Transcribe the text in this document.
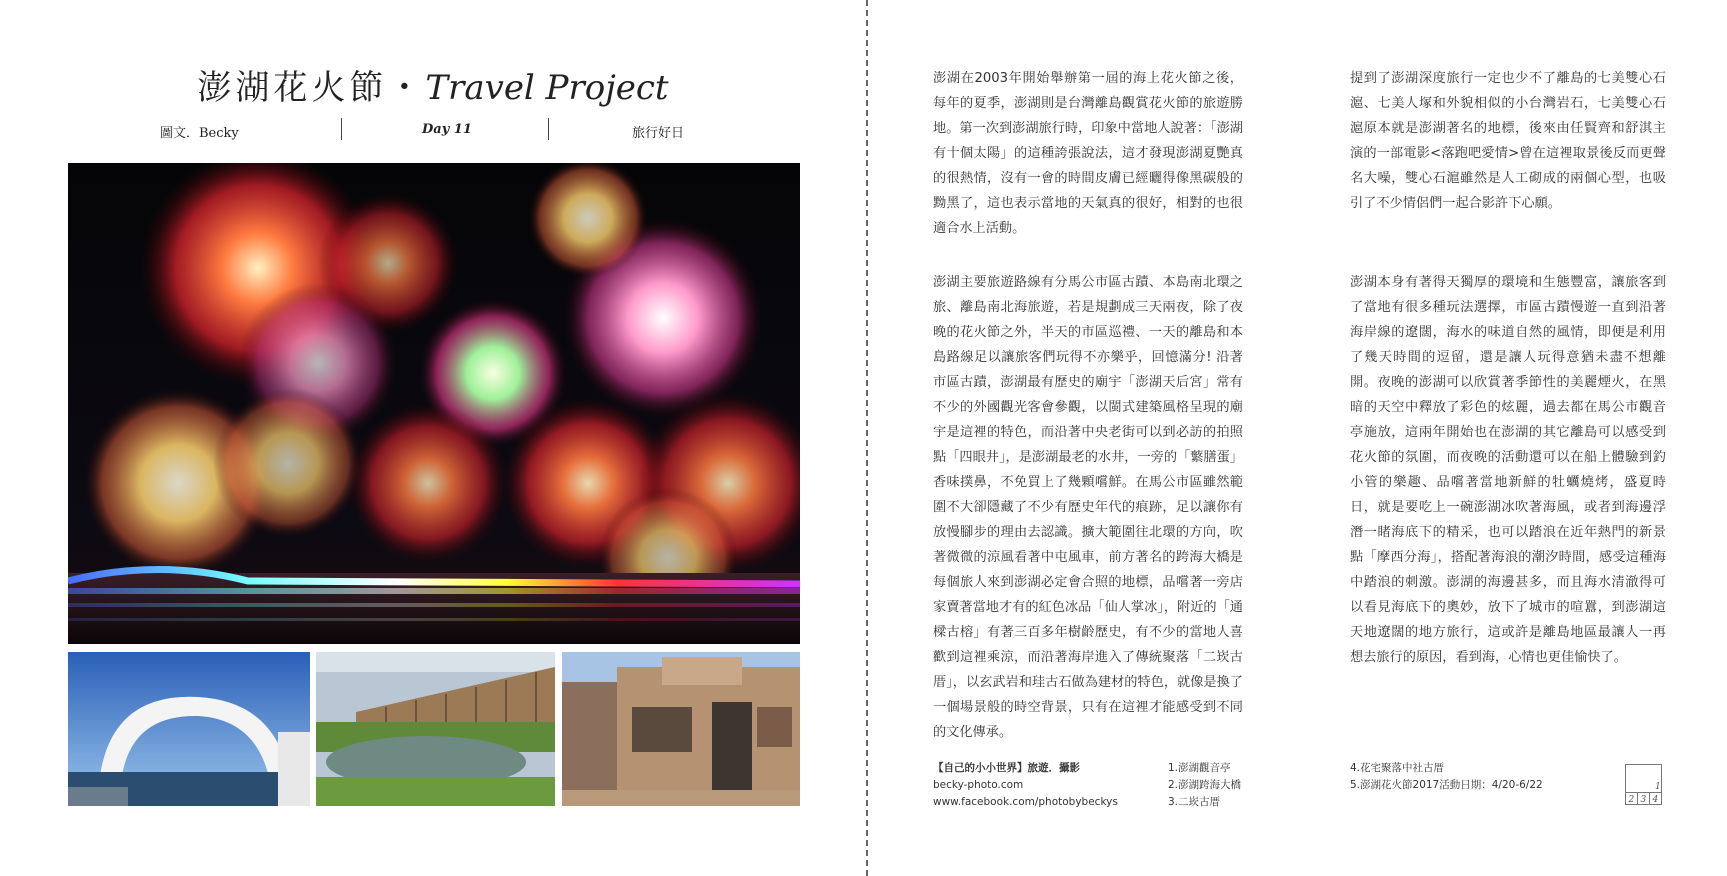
澎湖花火節・Travel Project
圖文．Becky	Day 11	旅行好日
澎湖在2003年開始舉辦第一屆的海上花火節之後，每年的夏季，澎湖則是台灣離島觀賞花火節的旅遊勝地。第一次到澎湖旅行時，印象中當地人說著：「澎湖有十個太陽」的這種誇張說法，這才發現澎湖夏艷真的很熱情，沒有一會的時間皮膚已經曬得像黑碳般的黝黑了，這也表示當地的天氣真的很好，相對的也很適合水上活動。
澎湖主要旅遊路線有分馬公市區古蹟、本島南北環之旅、離島南北海旅遊，若是規劃成三天兩夜，除了夜晚的花火節之外，半天的市區巡禮、一天的離島和本島路線足以讓旅客們玩得不亦樂乎，回憶滿分! 沿著市區古蹟，澎湖最有歷史的廟宇「澎湖天后宮」常有不少的外國觀光客會參觀，以閩式建築風格呈現的廟宇是這裡的特色，而沿著中央老街可以到必訪的拍照點「四眼井」，是澎湖最老的水井，一旁的「蘩膳蛋」香味撲鼻，不免買上了幾顆嚐鮮。在馬公市區雖然範圍不大卻隱藏了不少有歷史年代的痕跡，足以讓你有放慢腳步的理由去認識。擴大範圍往北環的方向，吹著微微的涼風看著中屯風車，前方著名的跨海大橋是每個旅人來到澎湖必定會合照的地標，品嚐著一旁店家賣著當地才有的紅色冰品「仙人掌冰」，附近的「通樑古榕」有著三百多年樹齡歷史，有不少的當地人喜歡到這裡乘涼，而沿著海岸進入了傳統聚落「二崁古厝」，以玄武岩和珪古石做為建材的特色，就像是換了一個場景般的時空背景，只有在這裡才能感受到不同的文化傳承。
提到了澎湖深度旅行一定也少不了離島的七美雙心石滬、七美人塚和外貌相似的小台灣岩石，七美雙心石滬原本就是澎湖著名的地標，後來由任賢齊和舒淇主演的一部電影<落跑吧愛情>曾在這裡取景後反而更聲名大噪，雙心石滬雖然是人工砌成的兩個心型，也吸引了不少情侶們一起合影許下心願。
澎湖本身有著得天獨厚的環境和生態豐富，讓旅客到了當地有很多種玩法選擇，市區古蹟慢遊一直到沿著海岸線的遼闊，海水的味道自然的風情，即便是利用了幾天時間的逗留，還是讓人玩得意猶未盡不想離開。夜晚的澎湖可以欣賞著季節性的美麗煙火，在黑暗的天空中釋放了彩色的炫麗，過去都在馬公市觀音亭施放，這兩年開始也在澎湖的其它離島可以感受到花火節的氛圍，而夜晚的活動還可以在船上體驗到釣小管的樂趣、品嚐著當地新鮮的牡蠣燒烤，盛夏時日，就是要吃上一碗澎湖冰吹著海風，或者到海邊浮潛一睹海底下的精采，也可以踏浪在近年熱門的新景點「摩西分海」，搭配著海浪的潮汐時間，感受這種海中踏浪的刺激。澎湖的海邊甚多，而且海水清澈得可以看見海底下的奧妙，放下了城市的喧囂，到澎湖這天地遼闊的地方旅行，這或許是離島地區最讓人一再想去旅行的原因，看到海，心情也更佳愉快了。
【自己的小小世界】旅遊．攝影
becky-photo.com
www.facebook.com/photobybeckys
1.澎湖觀音亭
2.澎湖跨海大橋
3.二崁古厝
4.花宅聚落中社古厝
5.澎湖花火節2017活動日期：4/20-6/22	1
2 3 4
